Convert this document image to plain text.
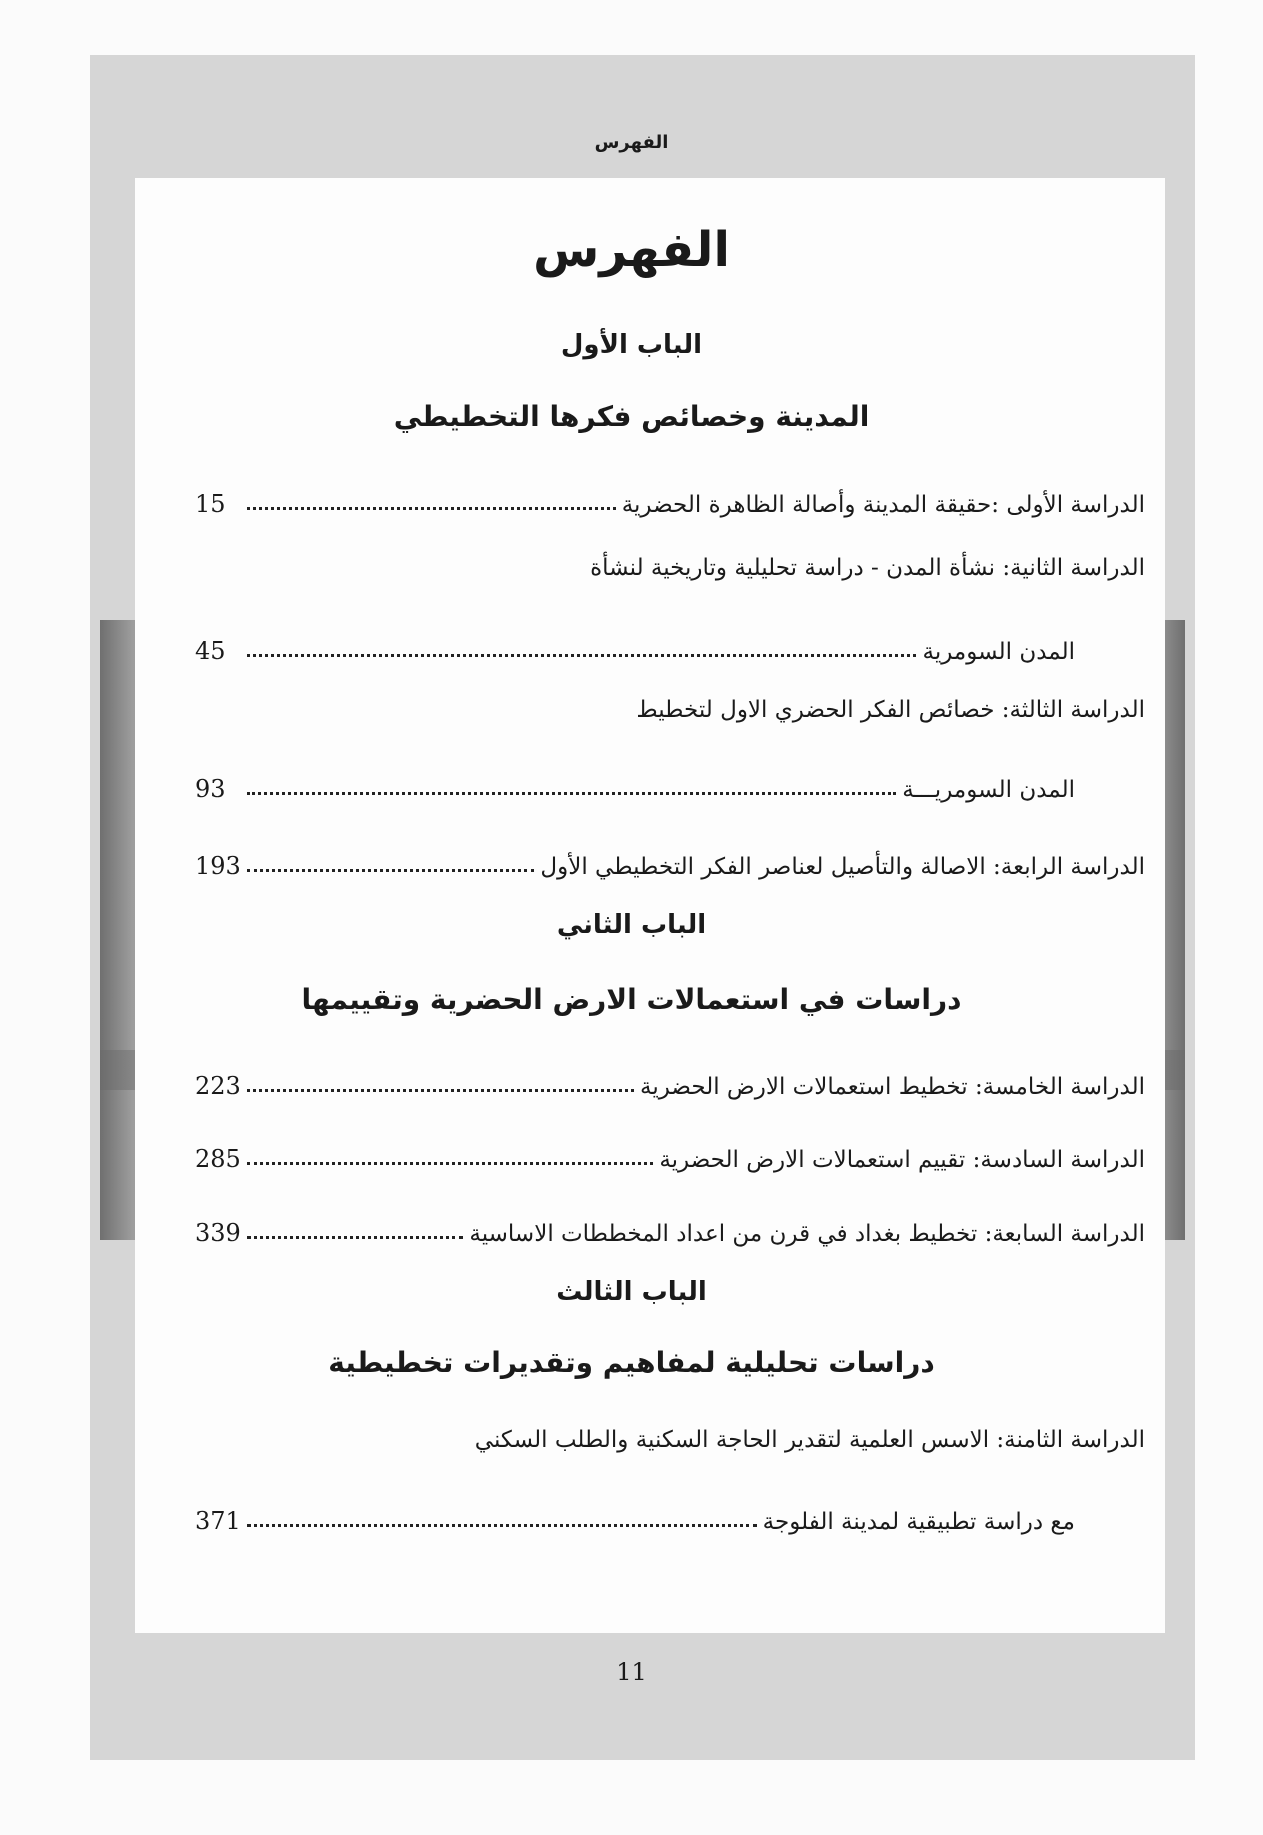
الفهرس
الفهرس
الباب الأول
المدينة وخصائص فكرها التخطيطي
الدراسة الأولى :حقيقة المدينة وأصالة الظاهرة الحضرية
15
الدراسة الثانية: نشأة المدن - دراسة تحليلية وتاريخية لنشأة
المدن السومرية
45
الدراسة الثالثة: خصائص الفكر الحضري الاول لتخطيط
المدن السومريـــة
93
الدراسة الرابعة: الاصالة والتأصيل لعناصر الفكر التخطيطي الأول
193
الباب الثاني
دراسات في استعمالات الارض الحضرية وتقييمها
الدراسة الخامسة: تخطيط استعمالات الارض الحضرية
223
الدراسة السادسة: تقييم استعمالات الارض الحضرية
285
الدراسة السابعة: تخطيط بغداد في قرن من اعداد المخططات الاساسية
339
الباب الثالث
دراسات تحليلية لمفاهيم وتقديرات تخطيطية
الدراسة الثامنة: الاسس العلمية لتقدير الحاجة السكنية والطلب السكني
مع دراسة تطبيقية لمدينة الفلوجة
371
11
